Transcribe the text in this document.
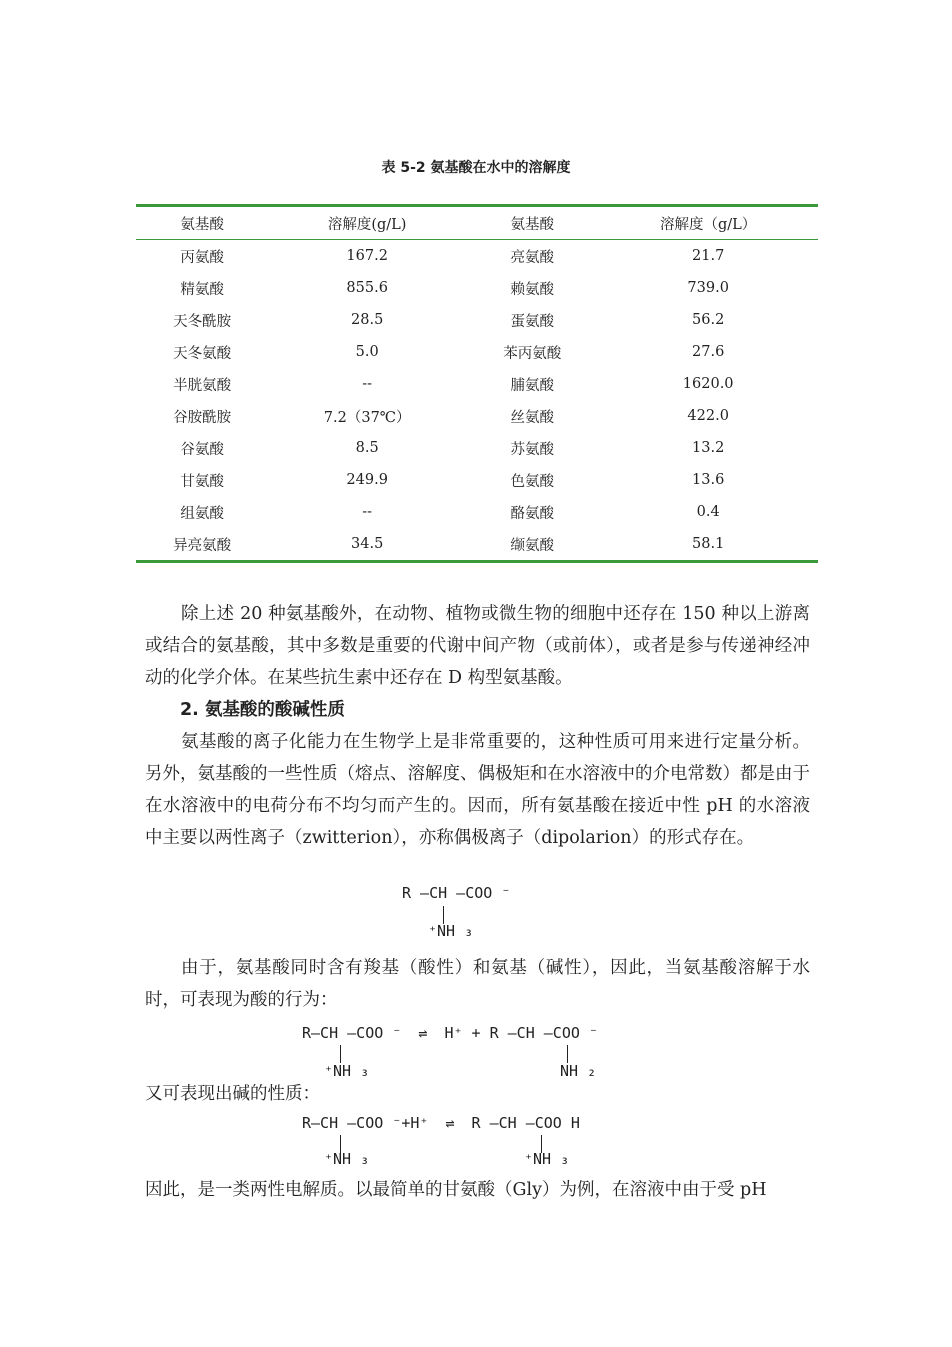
表 5-2 氨基酸在水中的溶解度
氨基酸	溶解度(g/L)	氨基酸	溶解度（g/L）
丙氨酸	167.2	亮氨酸	21.7
精氨酸	855.6	赖氨酸	739.0
天冬酰胺	28.5	蛋氨酸	56.2
天冬氨酸	5.0	苯丙氨酸	27.6
半胱氨酸	--	脯氨酸	1620.0
谷胺酰胺	7.2（37℃）	丝氨酸	422.0
谷氨酸	8.5	苏氨酸	13.2
甘氨酸	249.9	色氨酸	13.6
组氨酸	--	酪氨酸	0.4
异亮氨酸	34.5	缬氨酸	58.1

除上述 20 种氨基酸外，在动物、植物或微生物的细胞中还存在 150 种以上游离或结合的氨基酸，其中多数是重要的代谢中间产物（或前体），或者是参与传递神经冲动的化学介体。在某些抗生素中还存在 D 构型氨基酸。

2. 氨基酸的酸碱性质

氨基酸的离子化能力在生物学上是非常重要的，这种性质可用来进行定量分析。另外，氨基酸的一些性质（熔点、溶解度、偶极矩和在水溶液中的介电常数）都是由于在水溶液中的电荷分布不均匀而产生的。因而，所有氨基酸在接近中性 pH 的水溶液中主要以两性离子（zwitterion），亦称偶极离子（dipolarion）的形式存在。

R —CH —COO ⁻
⁺NH ₃

由于，氨基酸同时含有羧基（酸性）和氨基（碱性），因此，当氨基酸溶解于水时，可表现为酸的行为：

R—CH —COO ⁻ ⇌ H⁺ + R —CH —COO ⁻
⁺NH ₃	NH ₂

又可表现出碱的性质：

R—CH —COO ⁻+H⁺ ⇌ R —CH —COO H
⁺NH ₃	⁺NH ₃

因此，是一类两性电解质。以最简单的甘氨酸（Gly）为例，在溶液中由于受 pH
